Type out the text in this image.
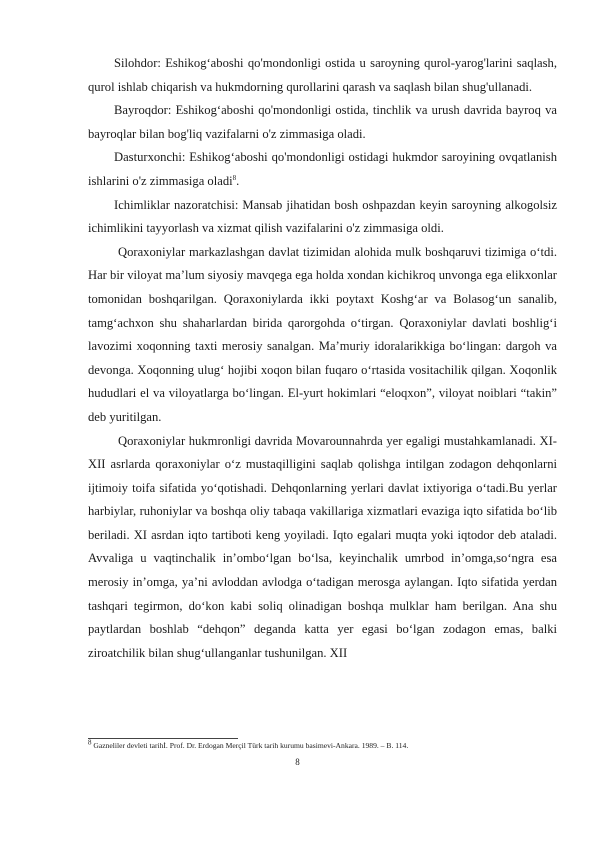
Silohdor: Eshikog‘aboshi qo'mondonligi ostida u saroyning qurol-yarog'larini saqlash, qurol ishlab chiqarish va hukmdorning qurollarini qarash va saqlash bilan shug'ullanadi.

Bayroqdor: Eshikog‘aboshi qo'mondonligi ostida, tinchlik va urush davrida bayroq va bayroqlar bilan bog'liq vazifalarni o'z zimmasiga oladi.

Dasturxonchi: Eshikog‘aboshi qo'mondonligi ostidagi hukmdor saroyining ovqatlanish ishlarini o'z zimmasiga oladi$^8$.

Ichimliklar nazoratchisi: Mansab jihatidan bosh oshpazdan keyin saroyning alkogolsiz ichimlikini tayyorlash va xizmat qilish vazifalarini o'z zimmasiga oldi.

Qoraxoniylar markazlashgan davlat tizimidan alohida mulk boshqaruvi tizimiga o‘tdi. Har bir viloyat ma’lum siyosiy mavqega ega holda xondan kichikroq unvonga ega elikxonlar tomonidan boshqarilgan. Qoraxoniylarda ikki poytaxt Koshg‘ar va Bolasog‘un sanalib, tamg‘achxon shu shaharlardan birida qarorgohda o‘tirgan. Qoraxoniylar davlati boshlig‘i lavozimi xoqonning taxti merosiy sanalgan. Ma’muriy idoralarikkiga bo‘lingan: dargoh va devonga. Xoqonning ulug‘ hojibi xoqon bilan fuqaro o‘rtasida vositachilik qilgan. Xoqonlik hududlari el va viloyatlarga bo‘lingan. El-yurt hokimlari “eloqxon”, viloyat noiblari “takin” deb yuritilgan.

Qoraxoniylar hukmronligi davrida Movarounnahrda yer egaligi mustahkamlanadi. XI-XII asrlarda qoraxoniylar o‘z mustaqilligini saqlab qolishga intilgan zodagon dehqonlarni ijtimoiy toifa sifatida yo‘qotishadi. Dehqonlarning yerlari davlat ixtiyoriga o‘tadi.Bu yerlar harbiylar, ruhoniylar va boshqa oliy tabaqa vakillariga xizmatlari evaziga iqto sifatida bo‘lib beriladi. XI asrdan iqto tartiboti keng yoyiladi. Iqto egalari muqta yoki iqtodor deb ataladi. Avvaliga u vaqtinchalik in’ombo‘lgan bo‘lsa, keyinchalik umrbod in’omga,so‘ngra esa merosiy in’omga, ya’ni avloddan avlodga o‘tadigan merosga aylangan. Iqto sifatida yerdan tashqari tegirmon, do‘kon kabi soliq olinadigan boshqa mulklar ham berilgan. Ana shu paytlardan boshlab “dehqon” deganda katta yer egasi bo‘lgan zodagon emas, balki ziroatchilik bilan shug‘ullanganlar tushunilgan. XII

$^8$ Gazneliler devleti tarihİ. Prof. Dr. Erdogan Merçil Türk tarih kurumu basimevi-Ankara. 1989. – B. 114.
8
